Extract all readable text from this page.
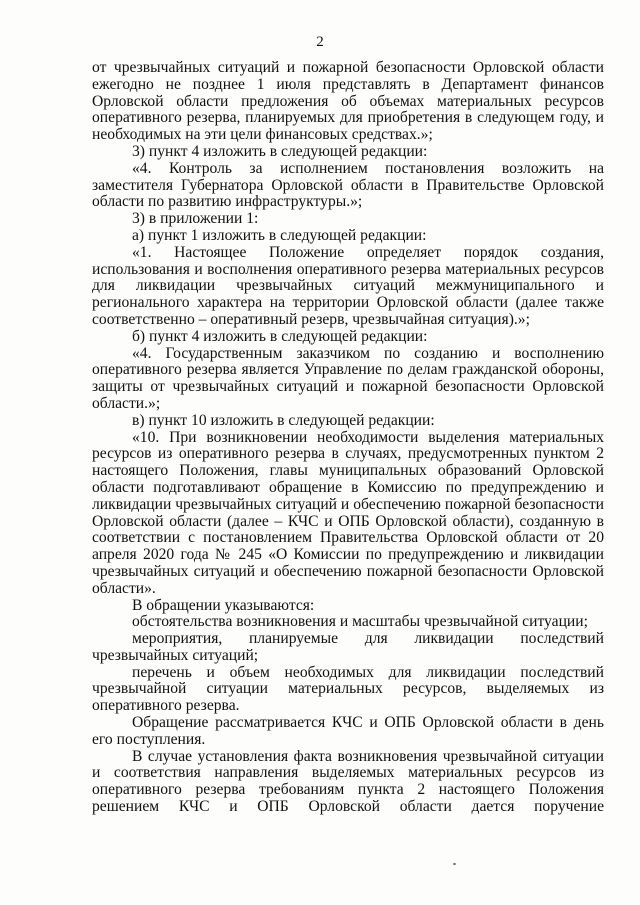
2

от чрезвычайных ситуаций и пожарной безопасности Орловской области ежегодно не позднее 1 июля представлять в Департамент финансов Орловской области предложения об объемах материальных ресурсов оперативного резерва, планируемых для приобретения в следующем году, и необходимых на эти цели финансовых средствах.»;

3) пункт 4 изложить в следующей редакции:

«4. Контроль за исполнением постановления возложить на заместителя Губернатора Орловской области в Правительстве Орловской области по развитию инфраструктуры.»;

3) в приложении 1:

а) пункт 1 изложить в следующей редакции:

«1. Настоящее Положение определяет порядок создания, использования и восполнения оперативного резерва материальных ресурсов для ликвидации чрезвычайных ситуаций межмуниципального и регионального характера на территории Орловской области (далее также соответственно – оперативный резерв, чрезвычайная ситуация).»;

б) пункт 4 изложить в следующей редакции:

«4. Государственным заказчиком по созданию и восполнению оперативного резерва является Управление по делам гражданской обороны, защиты от чрезвычайных ситуаций и пожарной безопасности Орловской области.»;

в) пункт 10 изложить в следующей редакции:

«10. При возникновении необходимости выделения материальных ресурсов из оперативного резерва в случаях, предусмотренных пунктом 2 настоящего Положения, главы муниципальных образований Орловской области подготавливают обращение в Комиссию по предупреждению и ликвидации чрезвычайных ситуаций и обеспечению пожарной безопасности Орловской области (далее – КЧС и ОПБ Орловской области), созданную в соответствии с постановлением Правительства Орловской области от 20 апреля 2020 года № 245 «О Комиссии по предупреждению и ликвидации чрезвычайных ситуаций и обеспечению пожарной безопасности Орловской области».

В обращении указываются:

обстоятельства возникновения и масштабы чрезвычайной ситуации;

мероприятия, планируемые для ликвидации последствий чрезвычайных ситуаций;

перечень и объем необходимых для ликвидации последствий чрезвычайной ситуации материальных ресурсов, выделяемых из оперативного резерва.

Обращение рассматривается КЧС и ОПБ Орловской области в день его поступления.

В случае установления факта возникновения чрезвычайной ситуации и соответствия направления выделяемых материальных ресурсов из оперативного резерва требованиям пункта 2 настоящего Положения решением КЧС и ОПБ Орловской области дается поручение
